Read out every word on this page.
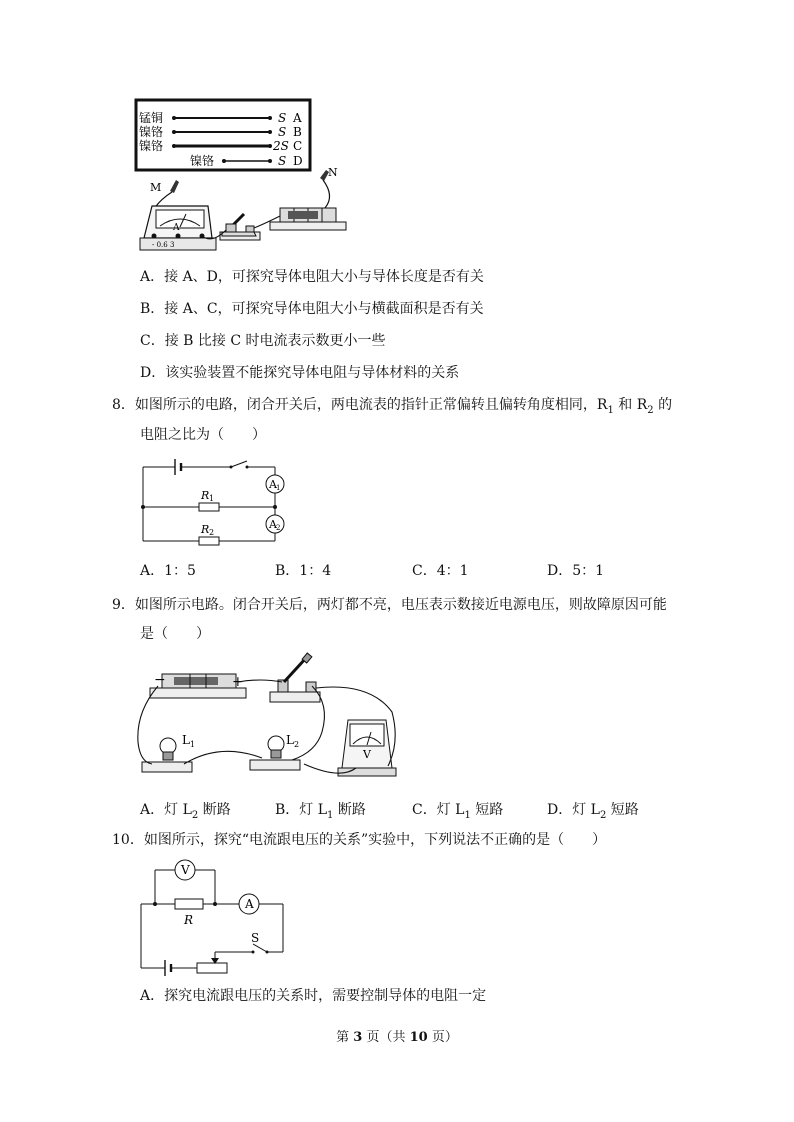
锰铜
镍铬
镍铬
镍铬
S
S
2S
S
A
B
C
D
M
N
A
- 0.6 3
A．接 A、D，可探究导体电阻大小与导体长度是否有关
B．接 A、C，可探究导体电阻大小与横截面积是否有关
C．接 B 比接 C 时电流表示数更小一些
D．该实验装置不能探究导体电阻与导体材料的关系
8．如图所示的电路，闭合开关后，两电流表的指针正常偏转且偏转角度相同，$R_1$ 和 $R_2$ 的
电阻之比为（　　）
R 1
R 2
A 1
A 2
A．1：5	B．1：4	C．4：1	D．5：1
9．如图所示电路。闭合开关后，两灯都不亮，电压表示数接近电源电压，则故障原因可能
是（　　）
−	+
L 1	L 2
V
A．灯 $L_2$ 断路	B．灯 $L_1$ 断路	C．灯 $L_1$ 短路	D．灯 $L_2$ 短路
10．如图所示，探究“电流跟电压的关系”实验中，下列说法不正确的是（　　）
V
A
R
S
A．探究电流跟电压的关系时，需要控制导体的电阻一定
第 3 页（共 10 页）
